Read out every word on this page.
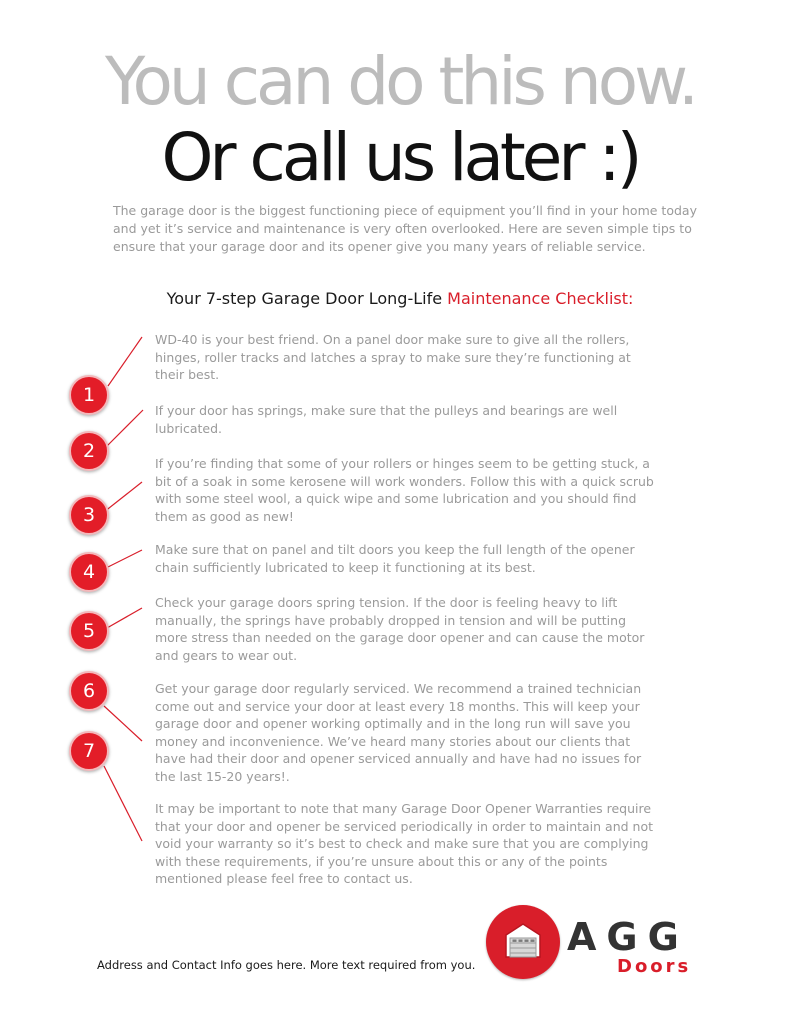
You can do this now.
Or call us later :)

The garage door is the biggest functioning piece of equipment you’ll find in your home today and yet it’s service and maintenance is very often overlooked. Here are seven simple tips to ensure that your garage door and its opener give you many years of reliable service.

Your 7-step Garage Door Long-Life Maintenance Checklist:
1
2
3
4
5
6
7

WD-40 is your best friend. On a panel door make sure to give all the rollers, hinges, roller tracks and latches a spray to make sure they’re functioning at their best.

If your door has springs, make sure that the pulleys and bearings are well lubricated.

If you’re finding that some of your rollers or hinges seem to be getting stuck, a bit of a soak in some kerosene will work wonders. Follow this with a quick scrub with some steel wool, a quick wipe and some lubrication and you should find them as good as new!

Make sure that on panel and tilt doors you keep the full length of the opener chain sufficiently lubricated to keep it functioning at its best.

Check your garage doors spring tension. If the door is feeling heavy to lift manually, the springs have probably dropped in tension and will be putting more stress than needed on the garage door opener and can cause the motor and gears to wear out.

Get your garage door regularly serviced. We recommend a trained technician come out and service your door at least every 18 months. This will keep your garage door and opener working optimally and in the long run will save you money and inconvenience. We’ve heard many stories about our clients that have had their door and opener serviced annually and have had no issues for the last 15-20 years!.

It may be important to note that many Garage Door Opener Warranties require that your door and opener be serviced periodically in order to maintain and not void your warranty so it’s best to check and make sure that you are complying with these requirements, if you’re unsure about this or any of the points mentioned please feel free to contact us.

Address and Contact Info goes here. More text required from you.
AGG
Doors
